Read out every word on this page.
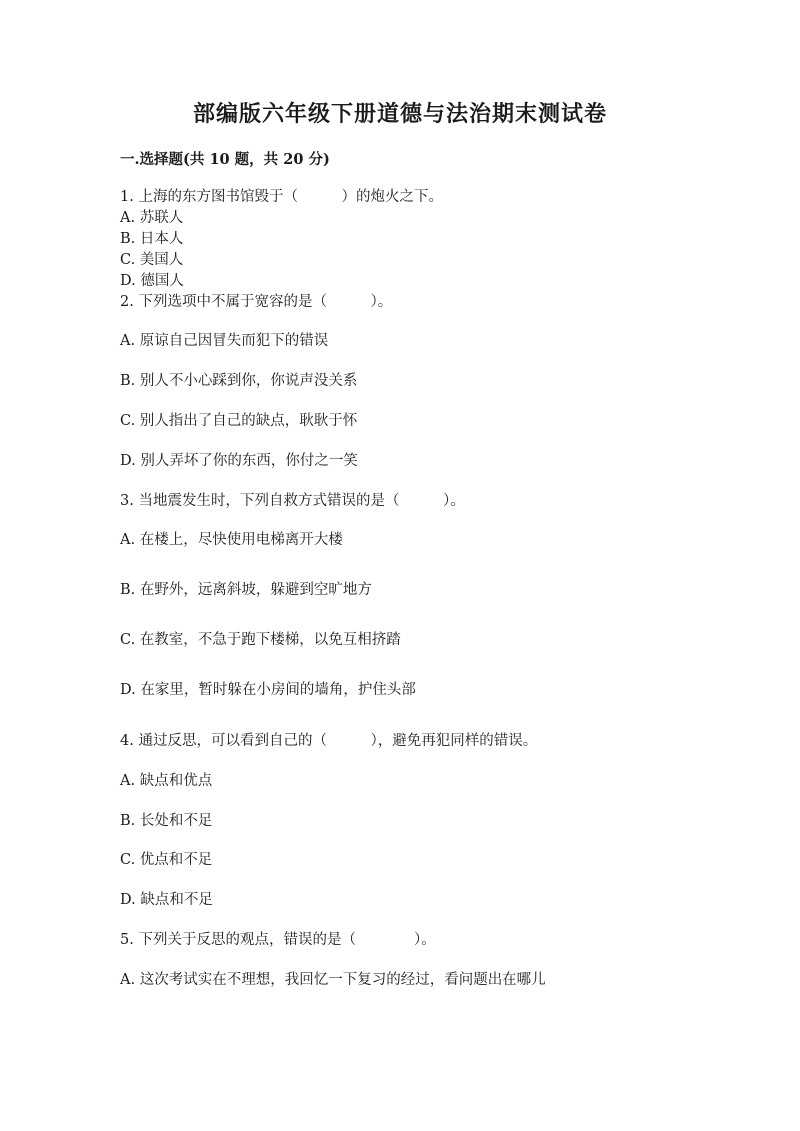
部编版六年级下册道德与法治期末测试卷
一.选择题(共 10 题，共 20 分)
1. 上海的东方图书馆毁于（　　　）的炮火之下。
A. 苏联人
B. 日本人
C. 美国人
D. 德国人
2. 下列选项中不属于宽容的是（　　　）。
A. 原谅自己因冒失而犯下的错误
B. 别人不小心踩到你，你说声没关系
C. 别人指出了自己的缺点，耿耿于怀
D. 别人弄坏了你的东西，你付之一笑
3. 当地震发生时，下列自救方式错误的是（　　　）。
A. 在楼上，尽快使用电梯离开大楼
B. 在野外，远离斜坡，躲避到空旷地方
C. 在教室，不急于跑下楼梯，以免互相挤踏
D. 在家里，暂时躲在小房间的墙角，护住头部
4. 通过反思，可以看到自己的（　　　），避免再犯同样的错误。
A. 缺点和优点
B. 长处和不足
C. 优点和不足
D. 缺点和不足
5. 下列关于反思的观点，错误的是（　　　　）。
A. 这次考试实在不理想，我回忆一下复习的经过，看问题出在哪儿
